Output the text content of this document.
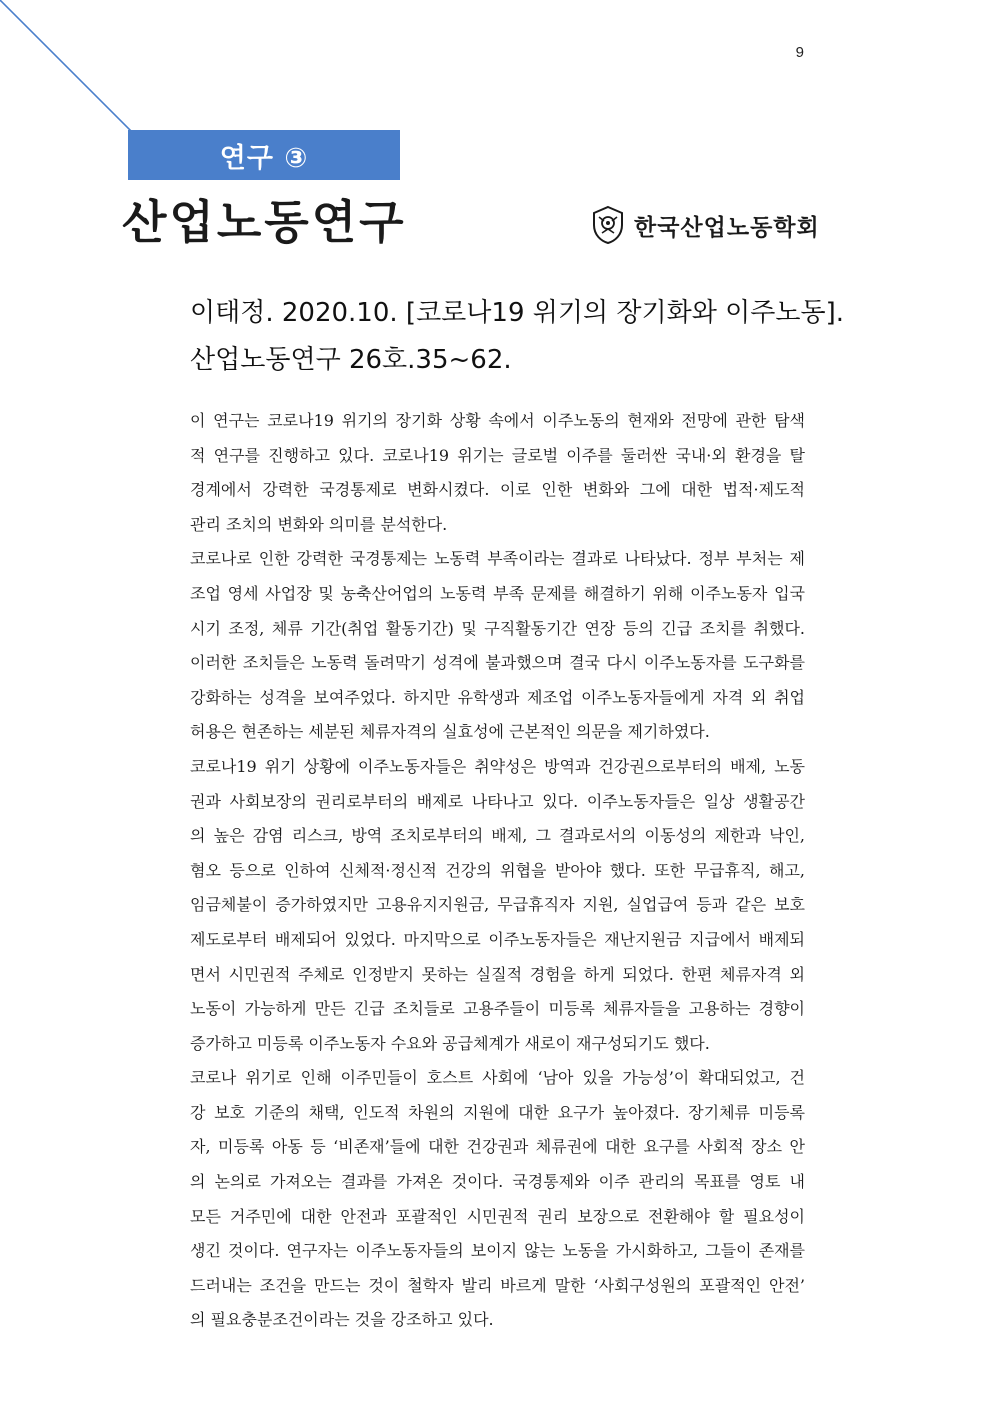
9
연구 ③
산업노동연구	한국산업노동학회
이태정. 2020.10. [코로나19 위기의 장기화와 이주노동].
산업노동연구 26호.35~62.
이 연구는 코로나19 위기의 장기화 상황 속에서 이주노동의 현재와 전망에 관한 탐색
적 연구를 진행하고 있다. 코로나19 위기는 글로벌 이주를 둘러싼 국내·외 환경을 탈
경계에서 강력한 국경통제로 변화시켰다. 이로 인한 변화와 그에 대한 법적·제도적
관리 조치의 변화와 의미를 분석한다.
코로나로 인한 강력한 국경통제는 노동력 부족이라는 결과로 나타났다. 정부 부처는 제
조업 영세 사업장 및 농축산어업의 노동력 부족 문제를 해결하기 위해 이주노동자 입국
시기 조정, 체류 기간(취업 활동기간) 및 구직활동기간 연장 등의 긴급 조치를 취했다.
이러한 조치들은 노동력 돌려막기 성격에 불과했으며 결국 다시 이주노동자를 도구화를
강화하는 성격을 보여주었다. 하지만 유학생과 제조업 이주노동자들에게 자격 외 취업
허용은 현존하는 세분된 체류자격의 실효성에 근본적인 의문을 제기하였다.
코로나19 위기 상황에 이주노동자들은 취약성은 방역과 건강권으로부터의 배제, 노동
권과 사회보장의 권리로부터의 배제로 나타나고 있다. 이주노동자들은 일상 생활공간
의 높은 감염 리스크, 방역 조치로부터의 배제, 그 결과로서의 이동성의 제한과 낙인,
혐오 등으로 인하여 신체적·정신적 건강의 위협을 받아야 했다. 또한 무급휴직, 해고,
임금체불이 증가하였지만 고용유지지원금, 무급휴직자 지원, 실업급여 등과 같은 보호
제도로부터 배제되어 있었다. 마지막으로 이주노동자들은 재난지원금 지급에서 배제되
면서 시민권적 주체로 인정받지 못하는 실질적 경험을 하게 되었다. 한편 체류자격 외
노동이 가능하게 만든 긴급 조치들로 고용주들이 미등록 체류자들을 고용하는 경향이
증가하고 미등록 이주노동자 수요와 공급체계가 새로이 재구성되기도 했다.
코로나 위기로 인해 이주민들이 호스트 사회에 ‘남아 있을 가능성’이 확대되었고, 건
강 보호 기준의 채택, 인도적 차원의 지원에 대한 요구가 높아졌다. 장기체류 미등록
자, 미등록 아동 등 ‘비존재’들에 대한 건강권과 체류권에 대한 요구를 사회적 장소 안
의 논의로 가져오는 결과를 가져온 것이다. 국경통제와 이주 관리의 목표를 영토 내
모든 거주민에 대한 안전과 포괄적인 시민권적 권리 보장으로 전환해야 할 필요성이
생긴 것이다. 연구자는 이주노동자들의 보이지 않는 노동을 가시화하고, 그들이 존재를
드러내는 조건을 만드는 것이 철학자 발리 바르게 말한 ‘사회구성원의 포괄적인 안전’
의 필요충분조건이라는 것을 강조하고 있다.
